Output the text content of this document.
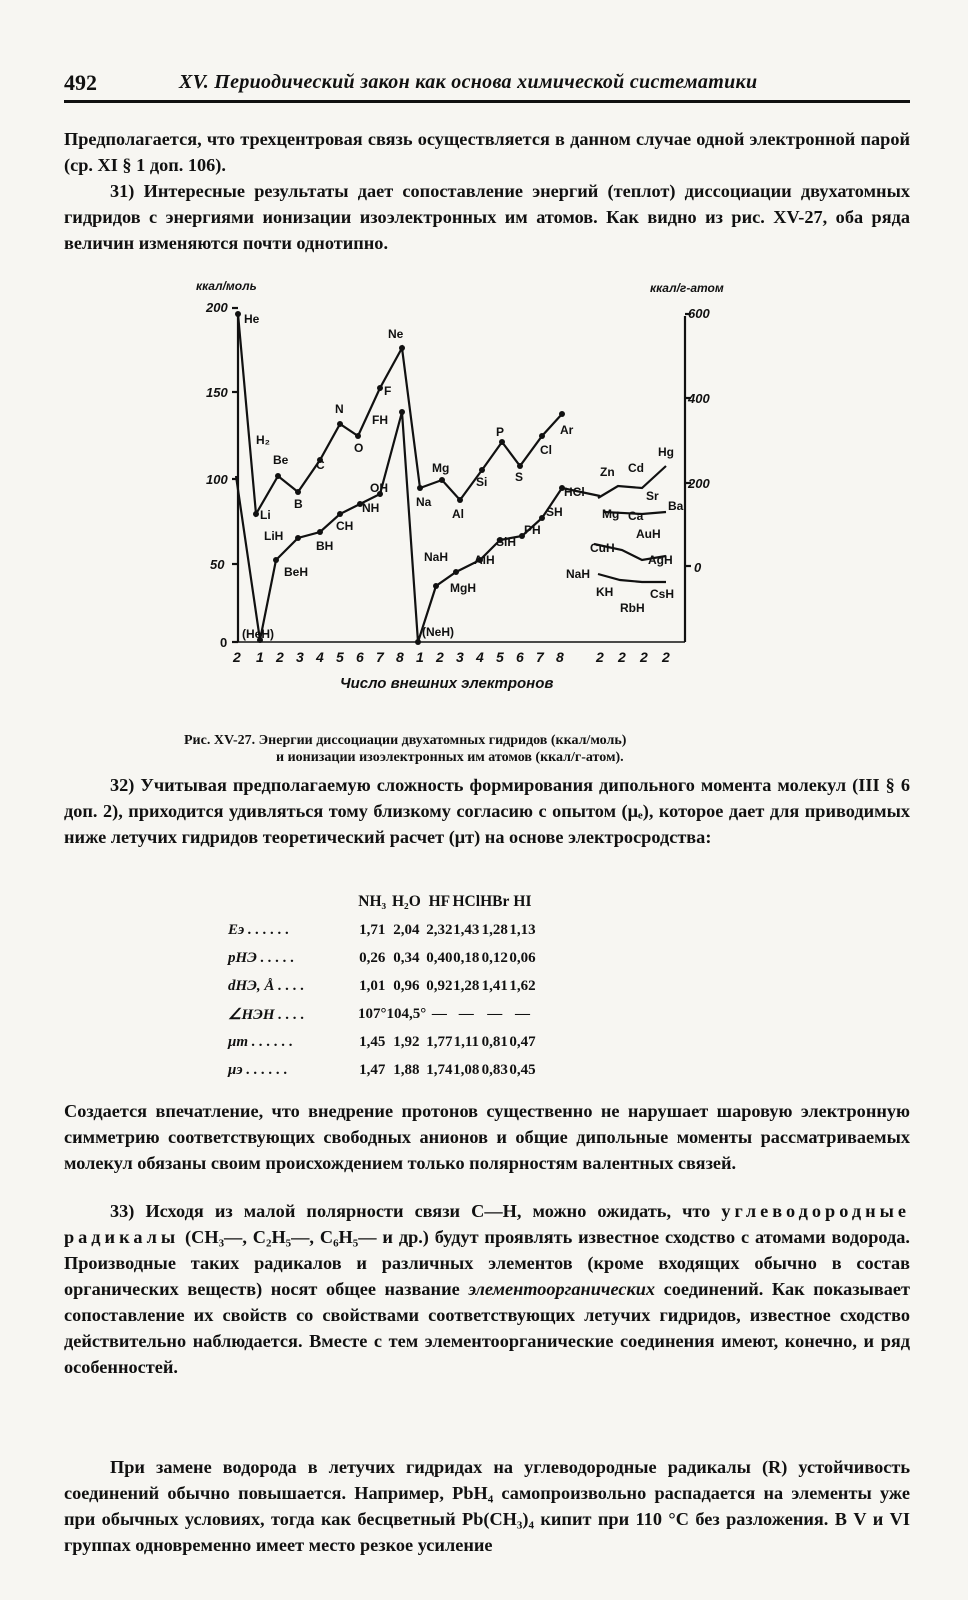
492	XV. Периодический закон как основа химической систематики
Предполагается, что трехцентровая связь осуществляется в данном случае одной электронной парой (ср. XI § 1 доп. 106).
31) Интересные результаты дает сопоставление энергий (теплот) диссоциации двухатомных гидридов с энергиями ионизации изоэлектронных им атомов. Как видно из рис. XV-27, оба ряда величин изменяются почти однотипно.
ккал/моль	ккал/г-атом
0
50
100
150
200
0
200
400
600
2 1 2 3 4 5 6 7 8 1 2 3 4 5 6 7 8 2 2 2 2
Число внешних электронов
He
Li
Be
B
C
N
O
F
Ne
Na
Mg
Al
Si
P
S
Cl
Ar
H₂
LiH
BeH
BH
CH
NH
OH
FH
(HeH)	(NeH)
NaH
MgH
AlH
SiH
PH
SH
HCl
Zn Cd
Hg
Ca
Sr
Ba
CuH
AuH
AgH
NaH
KH
RbH
CsH
Mg
Рис. XV-27. Энергии диссоциации двухатомных гидридов (ккал/моль)
и ионизации изоэлектронных им атомов (ккал/г-атом).
32) Учитывая предполагаемую сложность формирования дипольного момента молекул (III § 6 доп. 2), приходится удивляться тому близкому согласию с опытом (μₑ), которое дает для приводимых ниже летучих гидридов теоретический расчет (μт) на основе электросродства:
	NH₃	H₂O	HF	HCl	HBr	HI
Eэ . . . . . .	1,71	2,04	2,32	1,43	1,28	1,13
pНЭ . . . . .	0,26	0,34	0,40	0,18	0,12	0,06
dНЭ, Å . . . .	1,01	0,96	0,92	1,28	1,41	1,62
∠НЭН . . . .	107°	104,5°	—	—	—	—
μт . . . . . .	1,45	1,92	1,77	1,11	0,81	0,47
μэ . . . . . .	1,47	1,88	1,74	1,08	0,83	0,45
Создается впечатление, что внедрение протонов существенно не нарушает шаровую электронную симметрию соответствующих свободных анионов и общие дипольные моменты рассматриваемых молекул обязаны своим происхождением только полярностям валентных связей.
33) Исходя из малой полярности связи C—H, можно ожидать, что углеводородные радикалы (CH₃—, C₂H₅—, C₆H₅— и др.) будут проявлять известное сходство с атомами водорода. Производные таких радикалов и различных элементов (кроме входящих обычно в состав органических веществ) носят общее название элементоорганических соединений. Как показывает сопоставление их свойств со свойствами соответствующих летучих гидридов, известное сходство действительно наблюдается. Вместе с тем элементоорганические соединения имеют, конечно, и ряд особенностей.
При замене водорода в летучих гидридах на углеводородные радикалы (R) устойчивость соединений обычно повышается. Например, PbH₄ самопроизвольно распадается на элементы уже при обычных условиях, тогда как бесцветный Pb(CH₃)₄ кипит при 110 °C без разложения. В V и VI группах одновременно имеет место резкое усиление
